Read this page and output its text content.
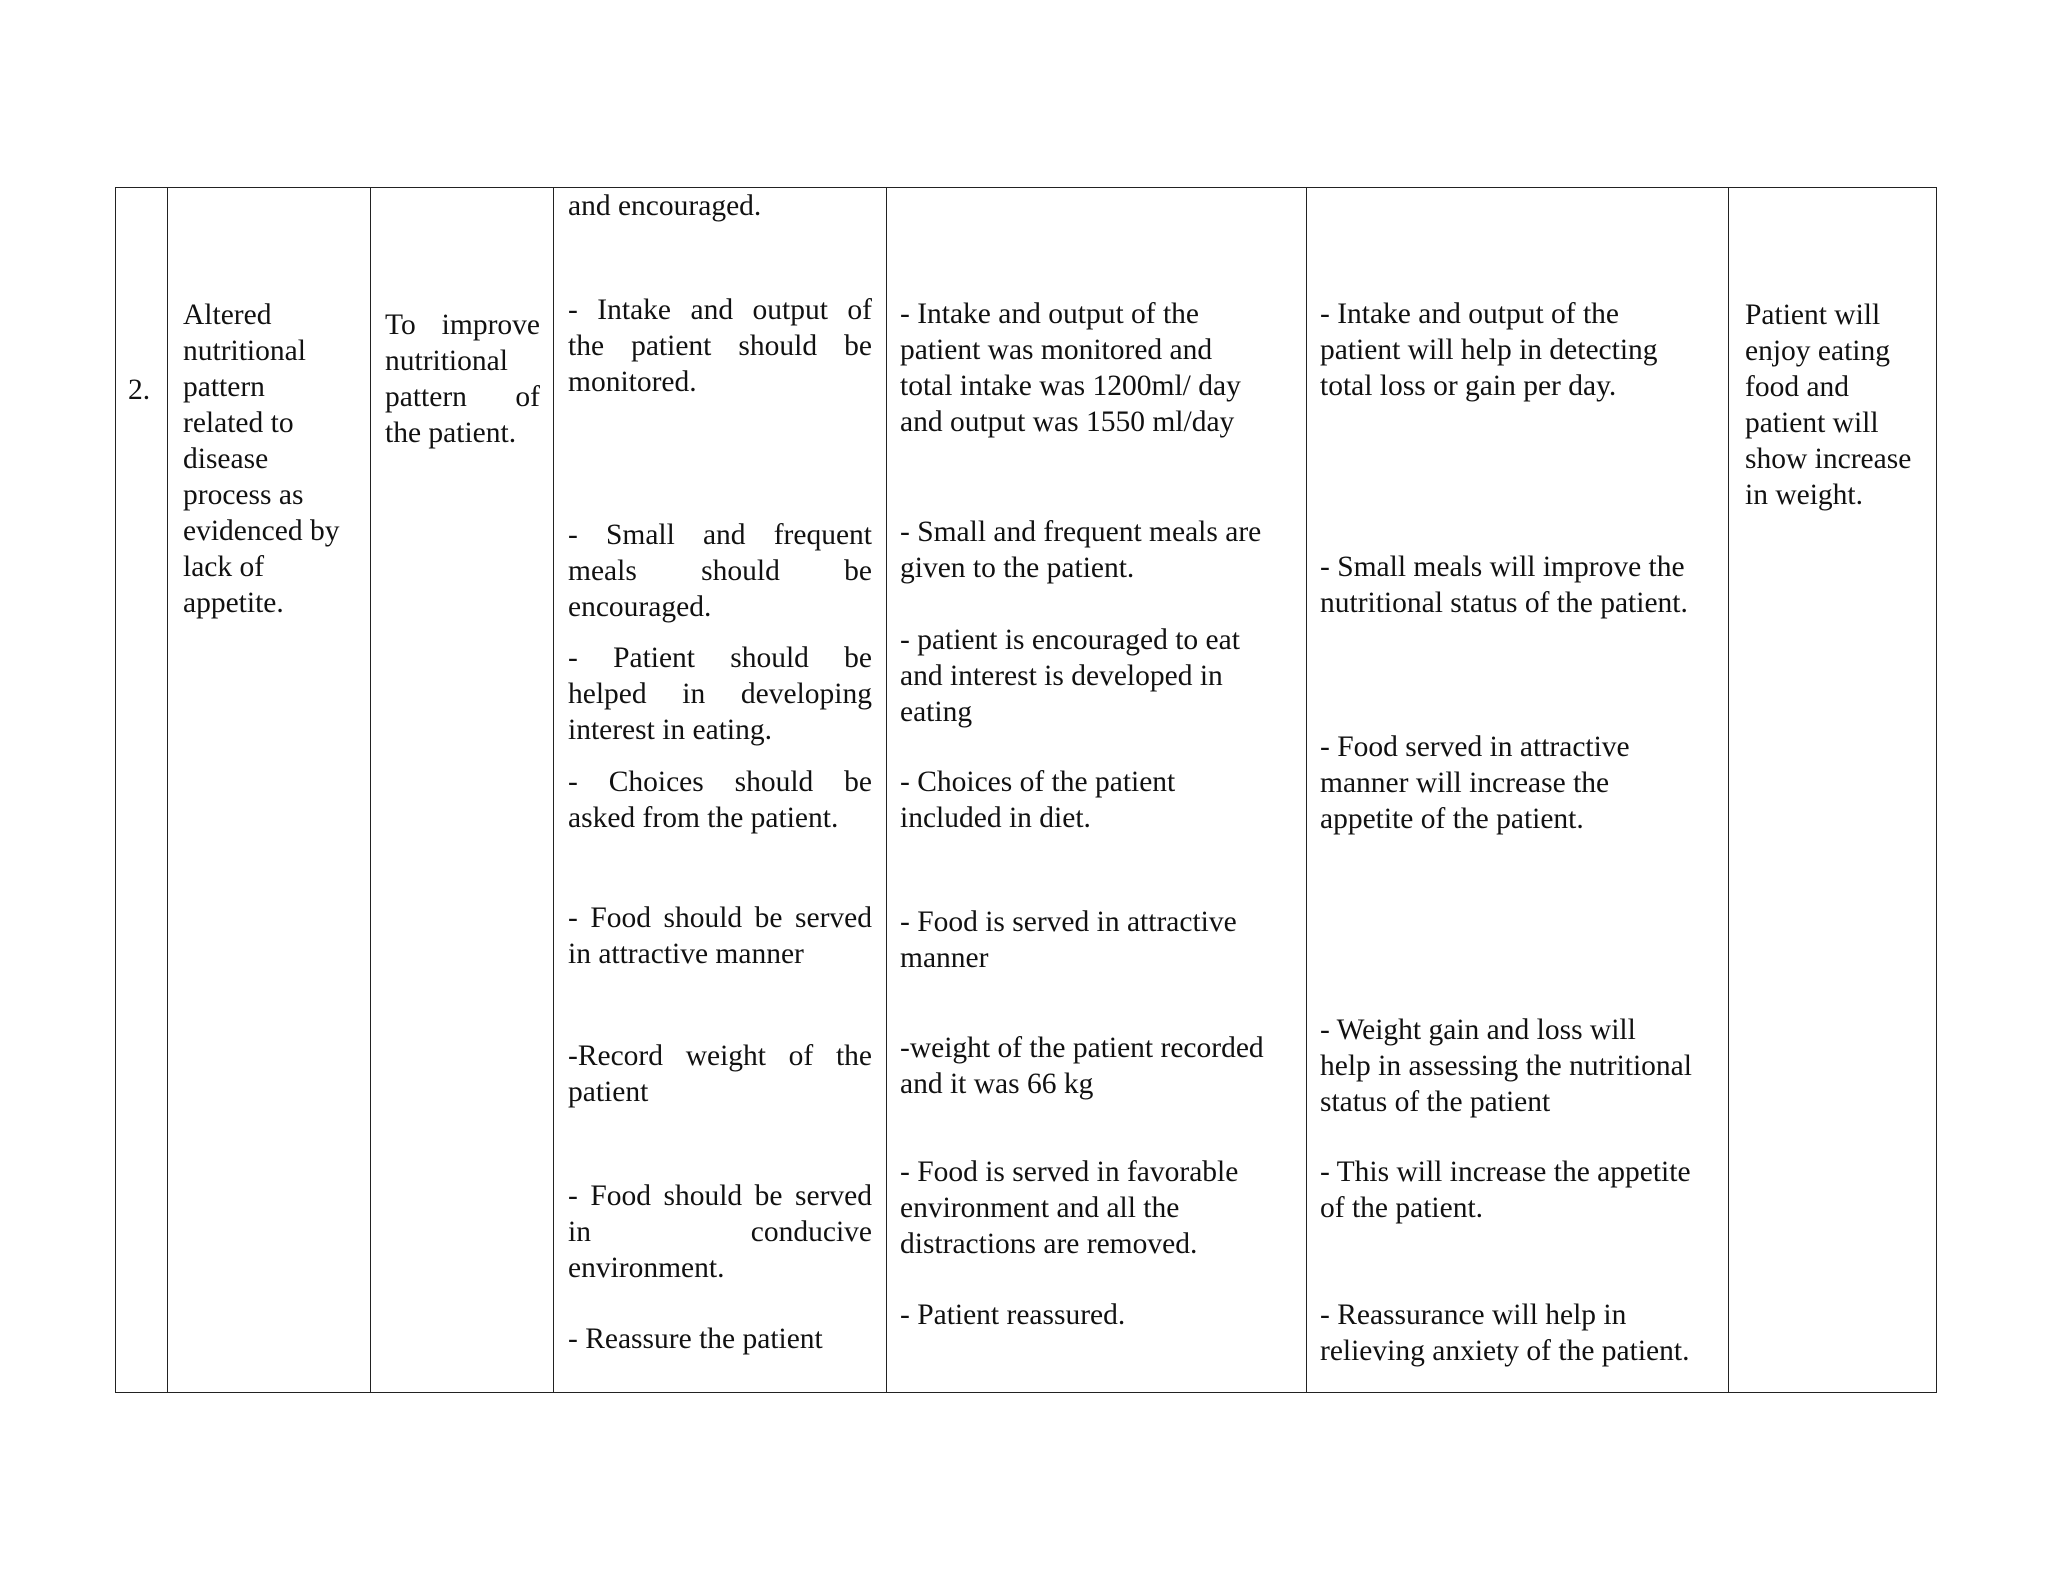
2.
Altered
nutritional
pattern
related to
disease
process as
evidenced by
lack of
appetite.
To improve
nutritional
pattern of
the patient.
and encouraged.
- Intake and output of
the patient should be
monitored.
- Small and frequent
meals should be
encouraged.
- Patient should be
helped in developing
interest in eating.
- Choices should be
asked from the patient.
- Food should be served
in attractive manner
-Record weight of the
patient
- Food should be served
in conducive
environment.
- Reassure the patient
- Intake and output of the
patient was monitored and
total intake was 1200ml/ day
and output was 1550 ml/day
- Small and frequent meals are
given to the patient.
- patient is encouraged to eat
and interest is developed in
eating
- Choices of the patient
included in diet.
- Food is served in attractive
manner
-weight of the patient recorded
and it was 66 kg
- Food is served in favorable
environment and all the
distractions are removed.
- Patient reassured.
- Intake and output of the
patient will help in detecting
total loss or gain per day.
- Small meals will improve the
nutritional status of the patient.
- Food served in attractive
manner will increase the
appetite of the patient.
- Weight gain and loss will
help in assessing the nutritional
status of the patient
- This will increase the appetite
of the patient.
- Reassurance will help in
relieving anxiety of the patient.
Patient will
enjoy eating
food and
patient will
show increase
in weight.
